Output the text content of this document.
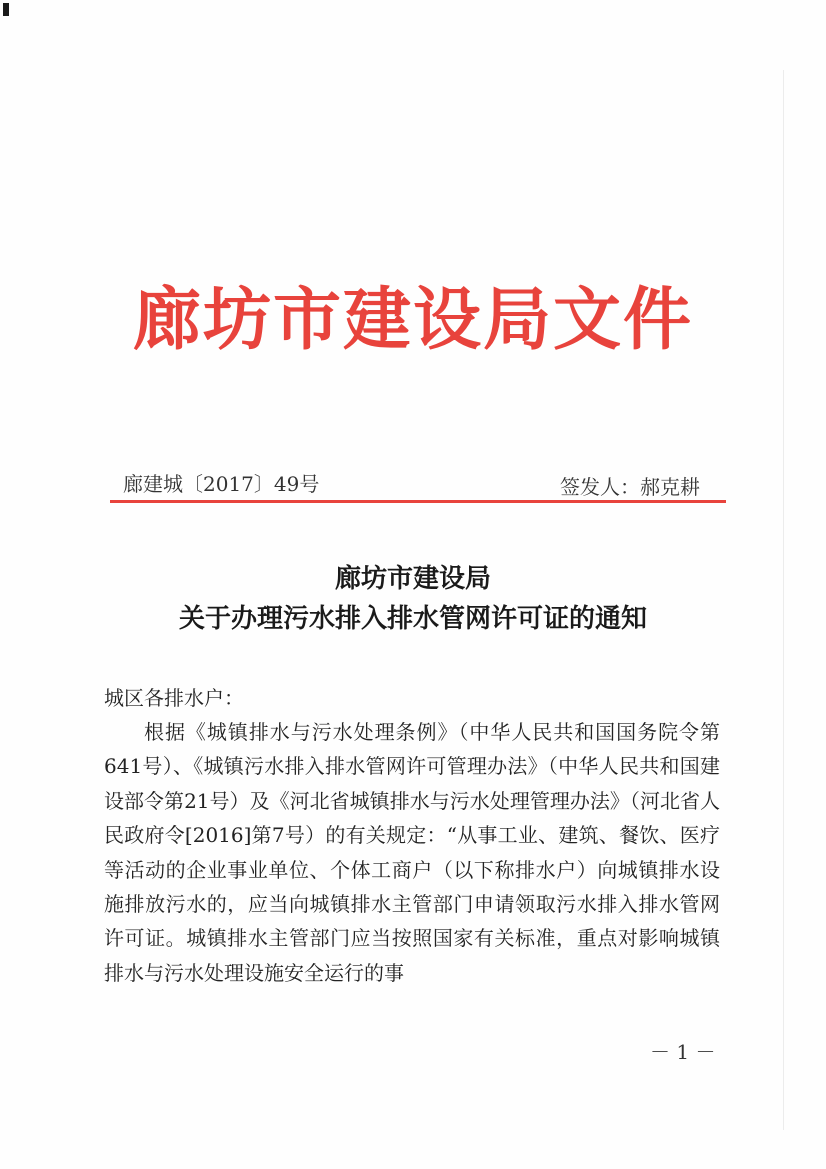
廊坊市建设局文件
廊建城〔2017〕49号	签发人：郝克耕
廊坊市建设局
关于办理污水排入排水管网许可证的通知
城区各排水户：

根据《城镇排水与污水处理条例》（中华人民共和国国务院令第641号）、《城镇污水排入排水管网许可管理办法》（中华人民共和国建设部令第21号）及《河北省城镇排水与污水处理管理办法》（河北省人民政府令[2016]第7号）的有关规定：“从事工业、建筑、餐饮、医疗等活动的企业事业单位、个体工商户（以下称排水户）向城镇排水设施排放污水的，应当向城镇排水主管部门申请领取污水排入排水管网许可证。城镇排水主管部门应当按照国家有关标准，重点对影响城镇排水与污水处理设施安全运行的事

－ 1 －
